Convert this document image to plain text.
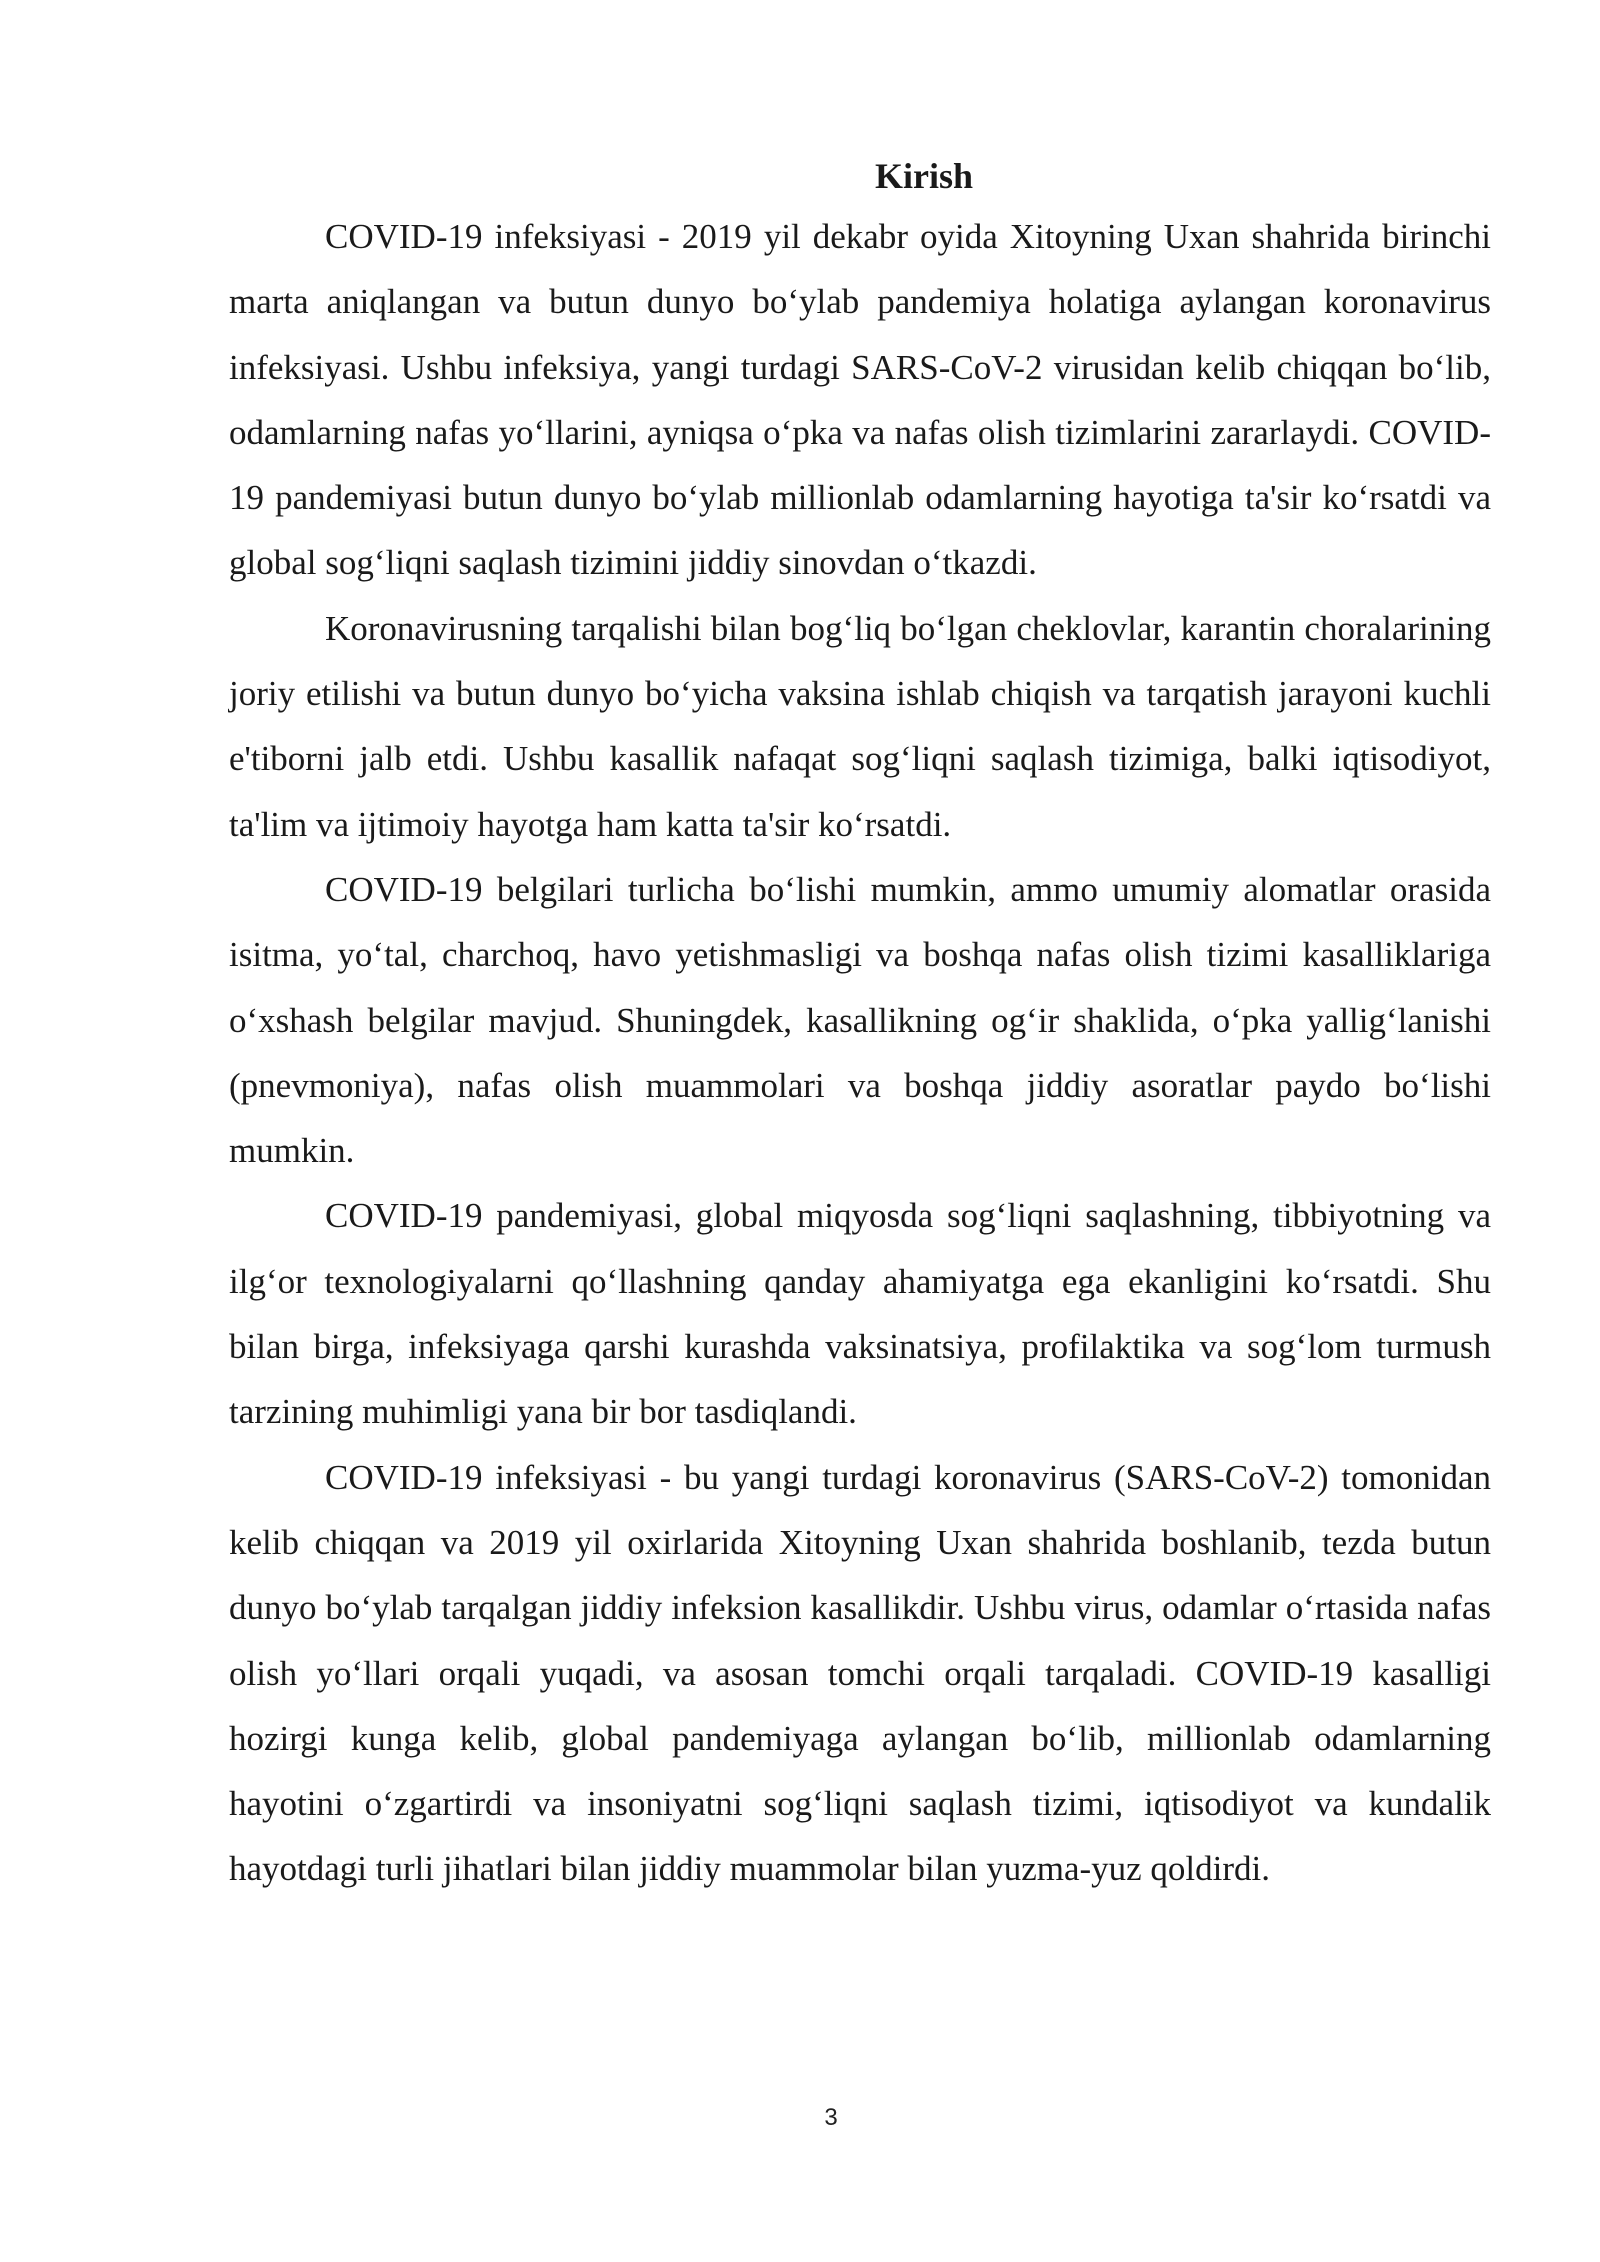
Kirish

COVID-19 infeksiyasi - 2019 yil dekabr oyida Xitoyning Uxan shahrida birinchi marta aniqlangan va butun dunyo bo‘ylab pandemiya holatiga aylangan koronavirus infeksiyasi. Ushbu infeksiya, yangi turdagi SARS-CoV-2 virusidan kelib chiqqan bo‘lib, odamlarning nafas yo‘llarini, ayniqsa o‘pka va nafas olish tizimlarini zararlaydi. COVID-19 pandemiyasi butun dunyo bo‘ylab millionlab odamlarning hayotiga ta'sir ko‘rsatdi va global sog‘liqni saqlash tizimini jiddiy sinovdan o‘tkazdi.

Koronavirusning tarqalishi bilan bog‘liq bo‘lgan cheklovlar, karantin choralarining joriy etilishi va butun dunyo bo‘yicha vaksina ishlab chiqish va tarqatish jarayoni kuchli e'tiborni jalb etdi. Ushbu kasallik nafaqat sog‘liqni saqlash tizimiga, balki iqtisodiyot, ta'lim va ijtimoiy hayotga ham katta ta'sir ko‘rsatdi.

COVID-19 belgilari turlicha bo‘lishi mumkin, ammo umumiy alomatlar orasida isitma, yo‘tal, charchoq, havo yetishmasligi va boshqa nafas olish tizimi kasalliklariga o‘xshash belgilar mavjud. Shuningdek, kasallikning og‘ir shaklida, o‘pka yallig‘lanishi (pnevmoniya), nafas olish muammolari va boshqa jiddiy asoratlar paydo bo‘lishi mumkin.

COVID-19 pandemiyasi, global miqyosda sog‘liqni saqlashning, tibbiyotning va ilg‘or texnologiyalarni qo‘llashning qanday ahamiyatga ega ekanligini ko‘rsatdi. Shu bilan birga, infeksiyaga qarshi kurashda vaksinatsiya, profilaktika va sog‘lom turmush tarzining muhimligi yana bir bor tasdiqlandi.

COVID-19 infeksiyasi - bu yangi turdagi koronavirus (SARS-CoV-2) tomonidan kelib chiqqan va 2019 yil oxirlarida Xitoyning Uxan shahrida boshlanib, tezda butun dunyo bo‘ylab tarqalgan jiddiy infeksion kasallikdir. Ushbu virus, odamlar o‘rtasida nafas olish yo‘llari orqali yuqadi, va asosan tomchi orqali tarqaladi. COVID-19 kasalligi hozirgi kunga kelib, global pandemiyaga aylangan bo‘lib, millionlab odamlarning hayotini o‘zgartirdi va insoniyatni sog‘liqni saqlash tizimi, iqtisodiyot va kundalik hayotdagi turli jihatlari bilan jiddiy muammolar bilan yuzma-yuz qoldirdi.

3
